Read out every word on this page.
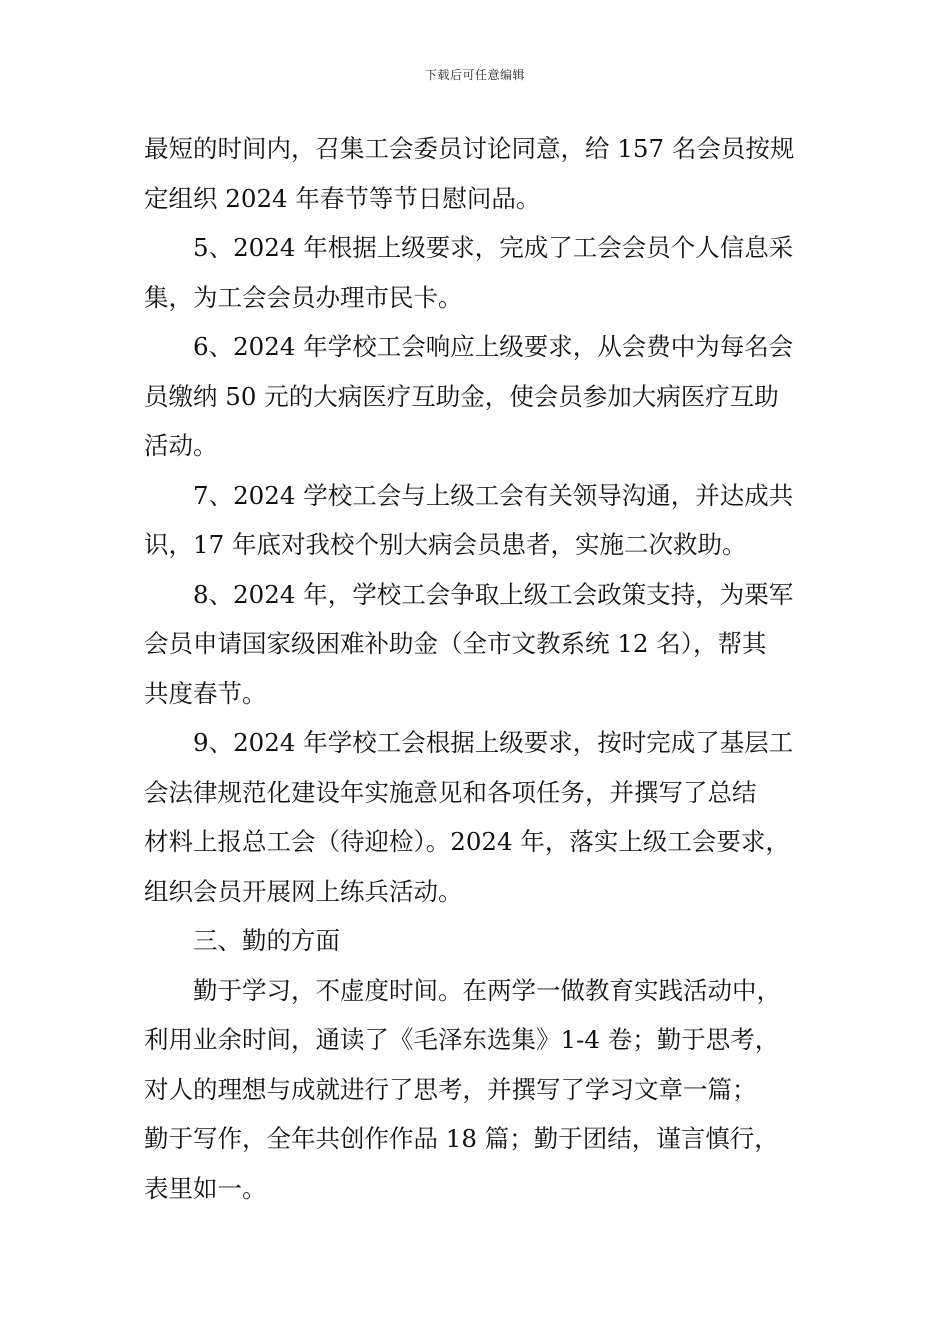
下载后可任意编辑
最短的时间内，召集工会委员讨论同意，给 157 名会员按规
定组织 2024 年春节等节日慰问品。
5、2024 年根据上级要求，完成了工会会员个人信息采
集，为工会会员办理市民卡。
6、2024 年学校工会响应上级要求，从会费中为每名会
员缴纳 50 元的大病医疗互助金，使会员参加大病医疗互助
活动。
7、2024 学校工会与上级工会有关领导沟通，并达成共
识，17 年底对我校个别大病会员患者，实施二次救助。
8、2024 年，学校工会争取上级工会政策支持，为栗军
会员申请国家级困难补助金（全市文教系统 12 名），帮其
共度春节。
9、2024 年学校工会根据上级要求，按时完成了基层工
会法律规范化建设年实施意见和各项任务，并撰写了总结
材料上报总工会（待迎检）。2024 年，落实上级工会要求，
组织会员开展网上练兵活动。
三、勤的方面
勤于学习，不虚度时间。在两学一做教育实践活动中，
利用业余时间，通读了《毛泽东选集》1-4 卷；勤于思考，
对人的理想与成就进行了思考，并撰写了学习文章一篇；
勤于写作，全年共创作作品 18 篇；勤于团结，谨言慎行，
表里如一。
